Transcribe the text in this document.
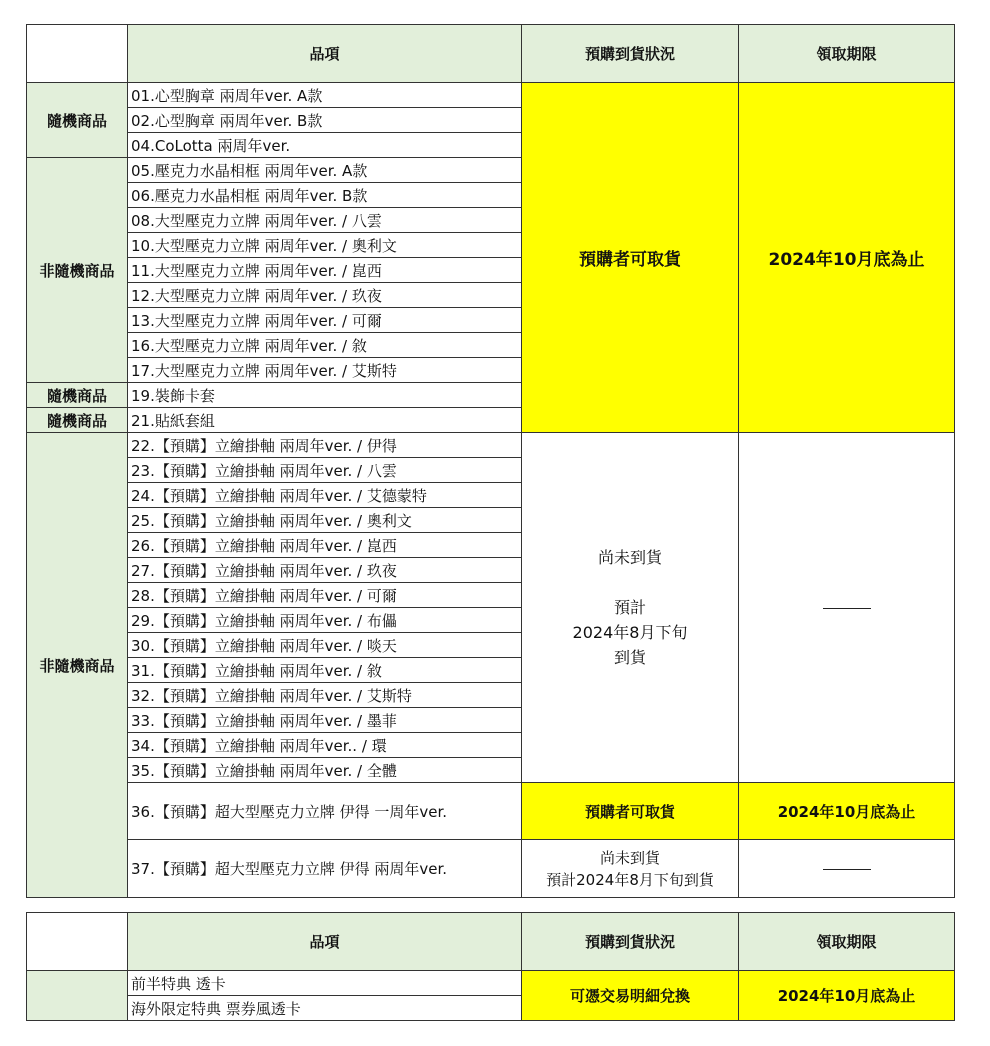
	品項	預購到貨狀況	領取期限
隨機商品	01.心型胸章 兩周年ver. A款	預購者可取貨	2024年10月底為止
	02.心型胸章 兩周年ver. B款		
	04.CoLotta 兩周年ver.		
非隨機商品	05.壓克力水晶相框 兩周年ver. A款		
	06.壓克力水晶相框 兩周年ver. B款		
	08.大型壓克力立牌 兩周年ver. / 八雲		
	10.大型壓克力立牌 兩周年ver. / 奧利文		
	11.大型壓克力立牌 兩周年ver. / 崑西		
	12.大型壓克力立牌 兩周年ver. / 玖夜		
	13.大型壓克力立牌 兩周年ver. / 可爾		
	16.大型壓克力立牌 兩周年ver. / 敘		
	17.大型壓克力立牌 兩周年ver. / 艾斯特		
隨機商品	19.裝飾卡套		
隨機商品	21.貼紙套組		
非隨機商品	22.【預購】立繪掛軸 兩周年ver. / 伊得	尚未到貨
預計
2024年8月下旬
到貨	

	23.【預購】立繪掛軸 兩周年ver. / 八雲		
	24.【預購】立繪掛軸 兩周年ver. / 艾德蒙特		
	25.【預購】立繪掛軸 兩周年ver. / 奧利文		
	26.【預購】立繪掛軸 兩周年ver. / 崑西		
	27.【預購】立繪掛軸 兩周年ver. / 玖夜		
	28.【預購】立繪掛軸 兩周年ver. / 可爾		
	29.【預購】立繪掛軸 兩周年ver. / 布儡		
	30.【預購】立繪掛軸 兩周年ver. / 啖天		
	31.【預購】立繪掛軸 兩周年ver. / 敘		
	32.【預購】立繪掛軸 兩周年ver. / 艾斯特		
	33.【預購】立繪掛軸 兩周年ver. / 墨菲		
	34.【預購】立繪掛軸 兩周年ver.. / 環		
	35.【預購】立繪掛軸 兩周年ver. / 全體		
	36.【預購】超大型壓克力立牌 伊得 一周年ver.	預購者可取貨	2024年10月底為止
	37.【預購】超大型壓克力立牌 伊得 兩周年ver.	尚未到貨
預計2024年8月下旬到貨	

	品項	預購到貨狀況	領取期限
	前半特典 透卡	可憑交易明細兌換	2024年10月底為止
	海外限定特典 票券風透卡		
